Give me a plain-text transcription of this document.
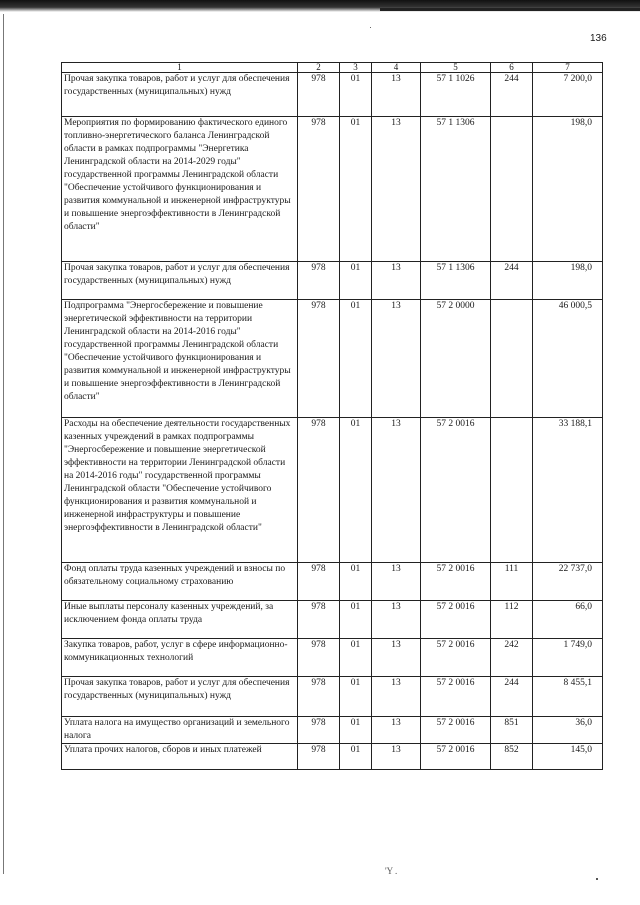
136
1	2	3	4	5	6	7
Прочая закупка товаров, работ и услуг для обеспечения государственных (муниципальных) нужд	978	01	13	57 1 1026	244	7 200,0
Мероприятия по формированию фактического единого топливно-энергетического баланса Ленинградской области в рамках подпрограммы "Энергетика Ленинградской области на 2014-2029 годы" государственной программы Ленинградской области "Обеспечение устойчивого функционирования и развития коммунальной и инженерной инфраструктуры и повышение энергоэффективности в Ленинградской области"	978	01	13	57 1 1306		198,0
Прочая закупка товаров, работ и услуг для обеспечения государственных (муниципальных) нужд	978	01	13	57 1 1306	244	198,0
Подпрограмма "Энергосбережение и повышение энергетической эффективности на территории Ленинградской области на 2014-2016 годы" государственной программы Ленинградской области "Обеспечение устойчивого функционирования и развития коммунальной и инженерной инфраструктуры и повышение энергоэффективности в Ленинградской области"	978	01	13	57 2 0000		46 000,5
Расходы на обеспечение деятельности государственных казенных учреждений в рамках подпрограммы "Энергосбережение и повышение энергетической эффективности на территории Ленинградской области на 2014-2016 годы" государственной программы Ленинградской области "Обеспечение устойчивого функционирования и развития коммунальной и инженерной инфраструктуры и повышение энергоэффективности в Ленинградской области"	978	01	13	57 2 0016		33 188,1
Фонд оплаты труда казенных учреждений и взносы по обязательному социальному страхованию	978	01	13	57 2 0016	111	22 737,0
Иные выплаты персоналу казенных учреждений, за исключением фонда оплаты труда	978	01	13	57 2 0016	112	66,0
Закупка товаров, работ, услуг в сфере информационно-коммуникационных технологий	978	01	13	57 2 0016	242	1 749,0
Прочая закупка товаров, работ и услуг для обеспечения государственных (муниципальных) нужд	978	01	13	57 2 0016	244	8 455,1
Уплата налога на имущество организаций и земельного налога	978	01	13	57 2 0016	851	36,0
Уплата прочих налогов, сборов и иных платежей	978	01	13	57 2 0016	852	145,0
'Y .
